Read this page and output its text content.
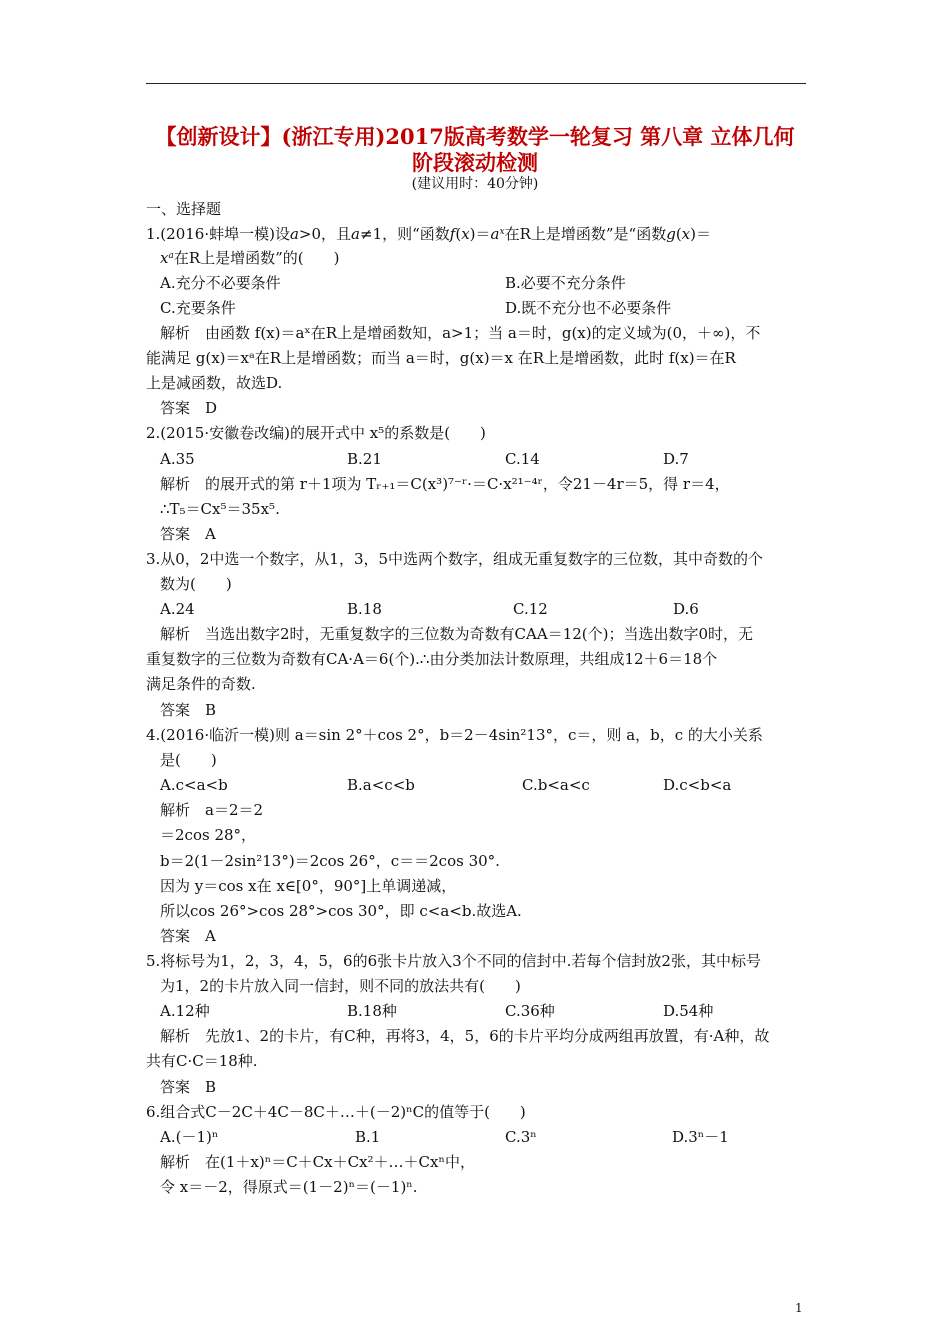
【创新设计】(浙江专用)2017版高考数学一轮复习 第八章 立体几何
阶段滚动检测
(建议用时：40分钟)
一、选择题
1.(2016·蚌埠一模)设a>0，且a≠1，则“函数$f(x)=a^x$在R上是增函数”是“函数g(x)＝
$x^a$在R上是增函数”的(　　)
A.充分不必要条件	B.必要不充分条件
C.充要条件	D.既不充分也不必要条件
解析　由函数 f(x)＝aˣ在R上是增函数知，a>1；当 a＝时，g(x)的定义域为(0，＋∞)，不
能满足 g(x)＝xᵃ在R上是增函数；而当 a＝时，g(x)＝x 在R上是增函数，此时 f(x)＝在R
上是减函数，故选D.
答案　D
2.(2015·安徽卷改编)的展开式中 x⁵的系数是(　　)
A.35	B.21	C.14	D.7
解析　的展开式的第 r＋1项为 Tᵣ₊₁＝C(x³)⁷⁻ʳ·＝C·x²¹⁻⁴ʳ，令21－4r＝5，得 r＝4，
∴T₅＝Cx⁵＝35x⁵.
答案　A
3.从0，2中选一个数字，从1，3，5中选两个数字，组成无重复数字的三位数，其中奇数的个
数为(　　)
A.24	B.18	C.12	D.6
解析　当选出数字2时，无重复数字的三位数为奇数有CAA＝12(个)；当选出数字0时，无
重复数字的三位数为奇数有CA·A＝6(个).∴由分类加法计数原理，共组成12＋6＝18个
满足条件的奇数.
答案　B
4.(2016·临沂一模)则 a＝sin 2°＋cos 2°，b＝2－4sin²13°，c＝，则 a，b，c 的大小关系
是(　　)
A.c<a<b	B.a<c<b	C.b<a<c	D.c<b<a
解析　a＝2＝2
＝2cos 28°，
b＝2(1－2sin²13°)＝2cos 26°，c＝＝2cos 30°.
因为 y＝cos x在 x∈[0°，90°]上单调递减，
所以cos 26°>cos 28°>cos 30°，即 c<a<b.故选A.
答案　A
5.将标号为1，2，3，4，5，6的6张卡片放入3个不同的信封中.若每个信封放2张，其中标号
为1，2的卡片放入同一信封，则不同的放法共有(　　)
A.12种	B.18种	C.36种	D.54种
解析　先放1、2的卡片，有C种，再将3，4，5，6的卡片平均分成两组再放置，有·A种，故
共有C·C＝18种.
答案　B
6.组合式C－2C＋4C－8C＋…＋(－2)ⁿC的值等于(　　)
A.(－1)ⁿ	B.1	C.3ⁿ	D.3ⁿ－1
解析　在(1＋x)ⁿ＝C＋Cx＋Cx²＋…＋Cxⁿ中，
令 x＝－2，得原式＝(1－2)ⁿ＝(－1)ⁿ.
1
